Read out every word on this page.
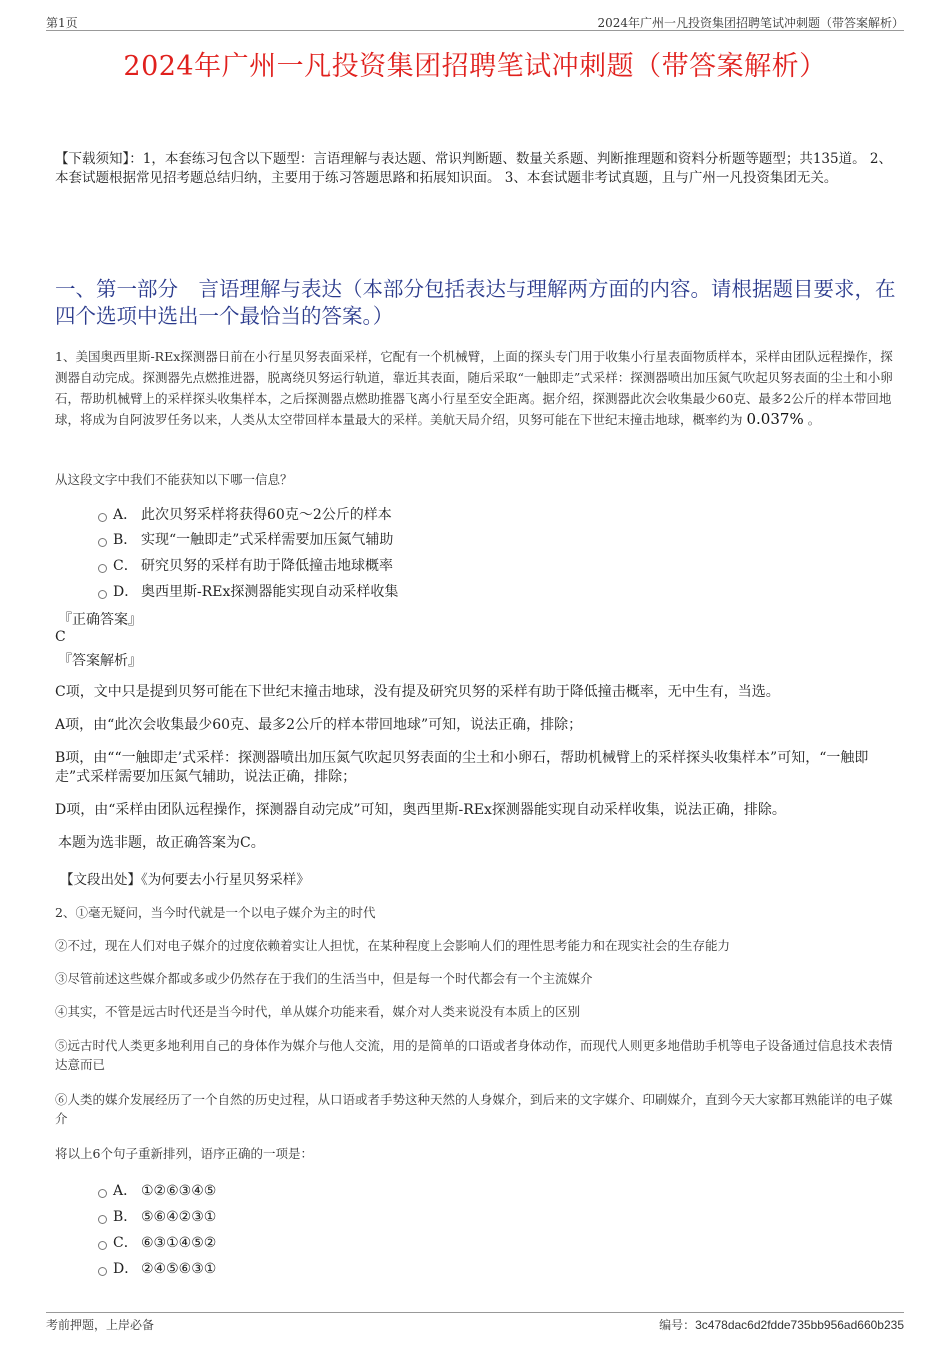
第1页	2024年广州一凡投资集团招聘笔试冲刺题（带答案解析）
2024年广州一凡投资集团招聘笔试冲刺题（带答案解析）
【下载须知】：1，本套练习包含以下题型：言语理解与表达题、常识判断题、数量关系题、判断推理题和资料分析题等题型；共135道。 2、本套试题根据常见招考题总结归纳，主要用于练习答题思路和拓展知识面。 3、本套试题非考试真题，且与广州一凡投资集团无关。
一、第一部分　言语理解与表达（本部分包括表达与理解两方面的内容。请根据题目要求，在四个选项中选出一个最恰当的答案。）
1、美国奥西里斯-REx探测器日前在小行星贝努表面采样，它配有一个机械臂，上面的探头专门用于收集小行星表面物质样本，采样由团队远程操作，探测器自动完成。探测器先点燃推进器，脱离绕贝努运行轨道，靠近其表面，随后采取“一触即走”式采样：探测器喷出加压氮气吹起贝努表面的尘土和小卵石，帮助机械臂上的采样探头收集样本，之后探测器点燃助推器飞离小行星至安全距离。据介绍，探测器此次会收集最少60克、最多2公斤的样本带回地球，将成为自阿波罗任务以来，人类从太空带回样本量最大的采样。美航天局介绍，贝努可能在下世纪末撞击地球，概率约为 0.037% 。
从这段文字中我们不能获知以下哪一信息？
A． 此次贝努采样将获得60克～2公斤的样本
B． 实现“一触即走”式采样需要加压氮气辅助
C． 研究贝努的采样有助于降低撞击地球概率
D． 奥西里斯-REx探测器能实现自动采样收集
『正确答案』
C
『答案解析』
C项，文中只是提到贝努可能在下世纪末撞击地球，没有提及研究贝努的采样有助于降低撞击概率，无中生有，当选。
A项，由“此次会收集最少60克、最多2公斤的样本带回地球”可知，说法正确，排除；
B项，由““一触即走’式采样：探测器喷出加压氮气吹起贝努表面的尘土和小卵石，帮助机械臂上的采样探头收集样本”可知，“一触即走”式采样需要加压氮气辅助，说法正确，排除；
D项，由“采样由团队远程操作，探测器自动完成”可知，奥西里斯-REx探测器能实现自动采样收集，说法正确，排除。
本题为选非题，故正确答案为C。
【文段出处】《为何要去小行星贝努采样》
2、①毫无疑问，当今时代就是一个以电子媒介为主的时代
②不过，现在人们对电子媒介的过度依赖着实让人担忧，在某种程度上会影响人们的理性思考能力和在现实社会的生存能力
③尽管前述这些媒介都或多或少仍然存在于我们的生活当中，但是每一个时代都会有一个主流媒介
④其实，不管是远古时代还是当今时代，单从媒介功能来看，媒介对人类来说没有本质上的区别
⑤远古时代人类更多地利用自己的身体作为媒介与他人交流，用的是简单的口语或者身体动作，而现代人则更多地借助手机等电子设备通过信息技术表情达意而已
⑥人类的媒介发展经历了一个自然的历史过程，从口语或者手势这种天然的人身媒介，到后来的文字媒介、印刷媒介，直到今天大家都耳熟能详的电子媒介
将以上6个句子重新排列，语序正确的一项是：
A． ①②⑥③④⑤
B． ⑤⑥④②③①
C． ⑥③①④⑤②
D． ②④⑤⑥③①
考前押题，上岸必备	编号：3c478dac6d2fdde735bb956ad660b235
